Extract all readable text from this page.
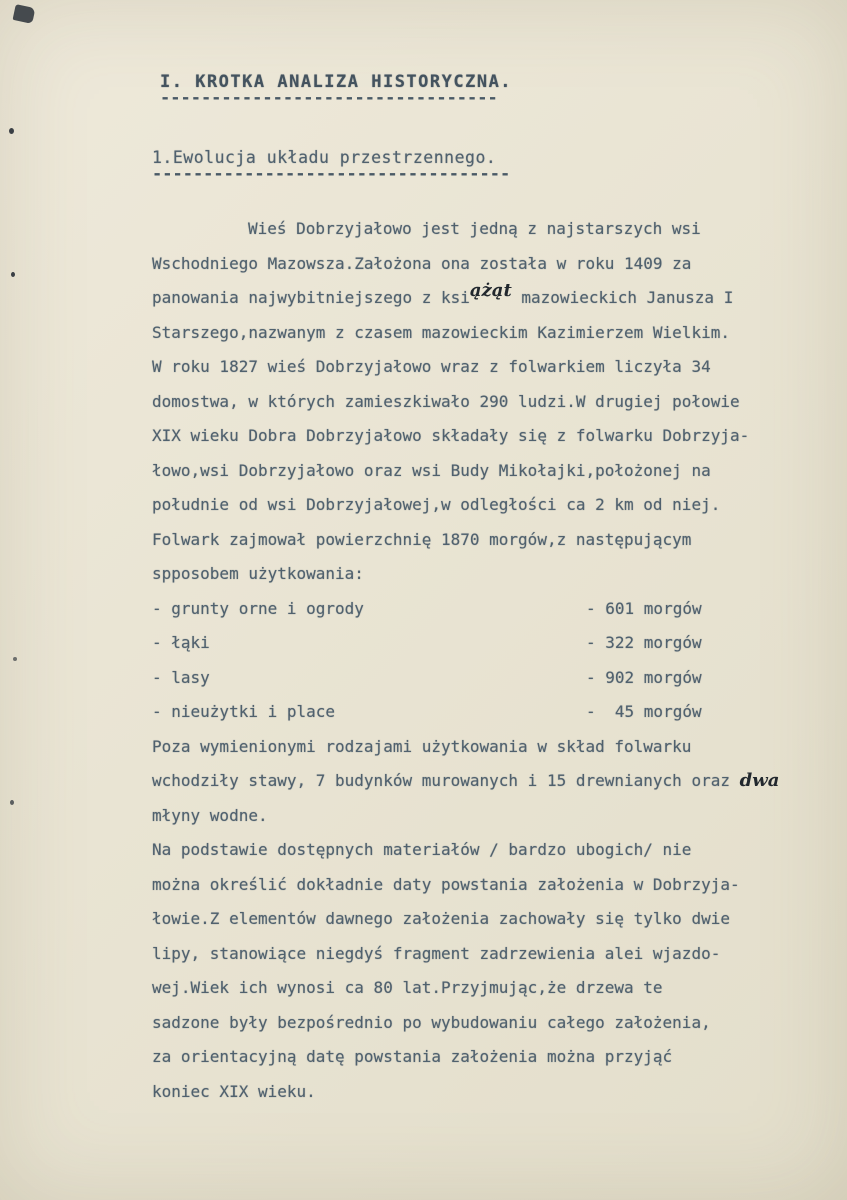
I. KROTKA ANALIZA HISTORYCZNA.
---------------------------------
1.Ewolucja układu przestrzennego.
-----------------------------------
Wieś Dobrzyjałowo jest jedną z najstarszych wsi
Wschodniego Mazowsza.Założona ona została w roku 1409 za
panowania najwybitniejszego z książąt mazowieckich Janusza I
Starszego,nazwanym z czasem mazowieckim Kazimierzem Wielkim.
W roku 1827 wieś Dobrzyjałowo wraz z folwarkiem liczyła 34
domostwa, w których zamieszkiwało 290 ludzi.W drugiej połowie
XIX wieku Dobra Dobrzyjałowo składały się z folwarku Dobrzyja-
łowo,wsi Dobrzyjałowo oraz wsi Budy Mikołajki,położonej na
południe od wsi Dobrzyjałowej,w odległości ca 2 km od niej.
Folwark zajmował powierzchnię 1870 morgów,z następującym
spposobem użytkowania:
- grunty orne i ogrody	- 601 morgów
- łąki	- 322 morgów
- lasy	- 902 morgów
- nieużytki i place	-  45 morgów
Poza wymienionymi rodzajami użytkowania w skład folwarku
wchodziły stawy, 7 budynków murowanych i 15 drewnianych oraz dwa
młyny wodne.
Na podstawie dostępnych materiałów / bardzo ubogich/ nie
można określić dokładnie daty powstania założenia w Dobrzyja-
łowie.Z elementów dawnego założenia zachowały się tylko dwie
lipy, stanowiące niegdyś fragment zadrzewienia alei wjazdo-
wej.Wiek ich wynosi ca 80 lat.Przyjmując,że drzewa te
sadzone były bezpośrednio po wybudowaniu całego założenia,
za orientacyjną datę powstania założenia można przyjąć
koniec XIX wieku.
